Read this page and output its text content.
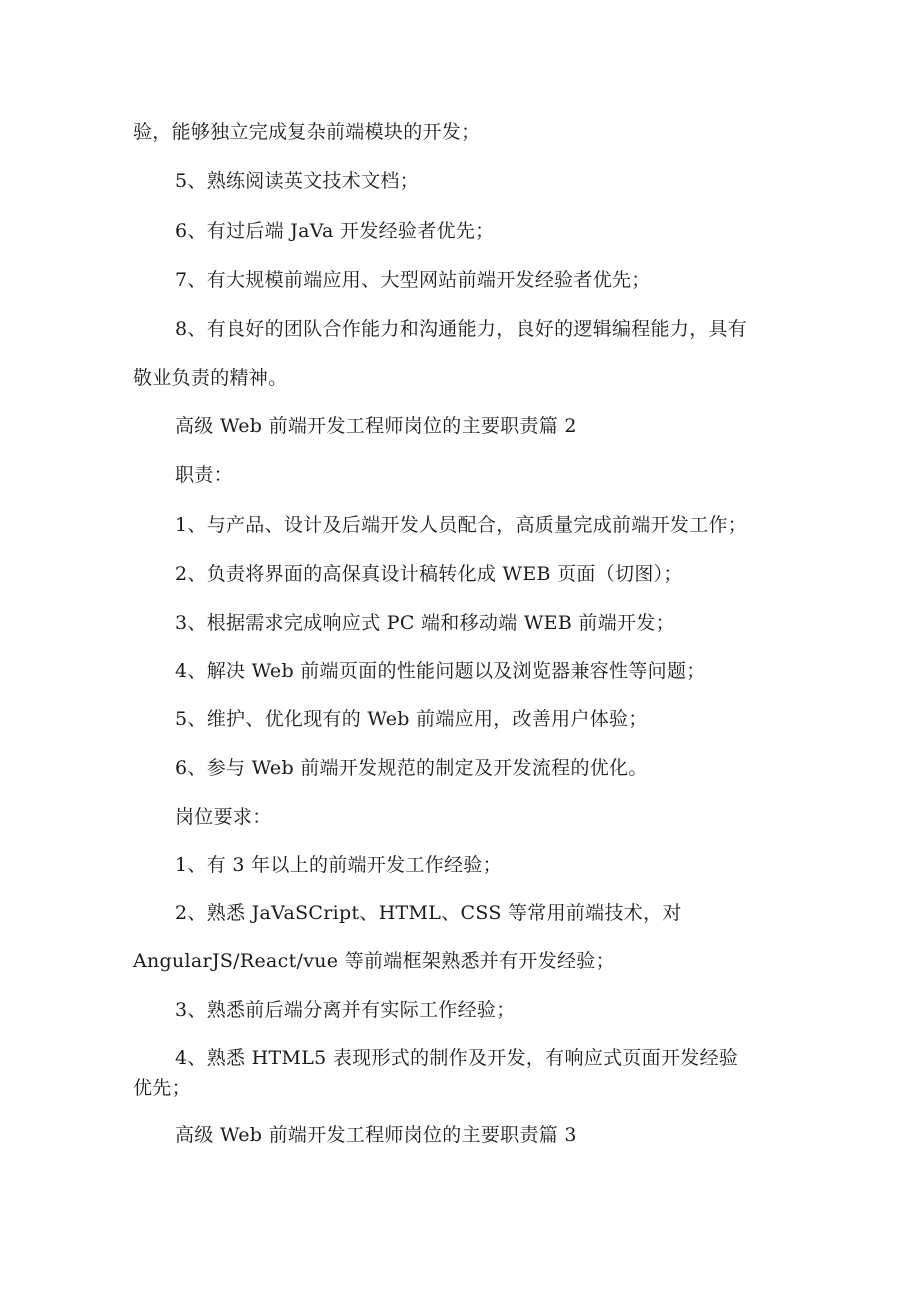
验，能够独立完成复杂前端模块的开发；
5、熟练阅读英文技术文档；
6、有过后端 JaVa 开发经验者优先；
7、有大规模前端应用、大型网站前端开发经验者优先；
8、有良好的团队合作能力和沟通能力，良好的逻辑编程能力，具有
敬业负责的精神。
高级 Web 前端开发工程师岗位的主要职责篇 2
职责：
1、与产品、设计及后端开发人员配合，高质量完成前端开发工作；
2、负责将界面的高保真设计稿转化成 WEB 页面（切图）；
3、根据需求完成响应式 PC 端和移动端 WEB 前端开发；
4、解决 Web 前端页面的性能问题以及浏览器兼容性等问题；
5、维护、优化现有的 Web 前端应用，改善用户体验；
6、参与 Web 前端开发规范的制定及开发流程的优化。
岗位要求：
1、有 3 年以上的前端开发工作经验；
2、熟悉 JaVaSCript、HTML、CSS 等常用前端技术，对
AngularJS/React/vue 等前端框架熟悉并有开发经验；
3、熟悉前后端分离并有实际工作经验；
4、熟悉 HTML5 表现形式的制作及开发，有响应式页面开发经验
优先；
高级 Web 前端开发工程师岗位的主要职责篇 3
